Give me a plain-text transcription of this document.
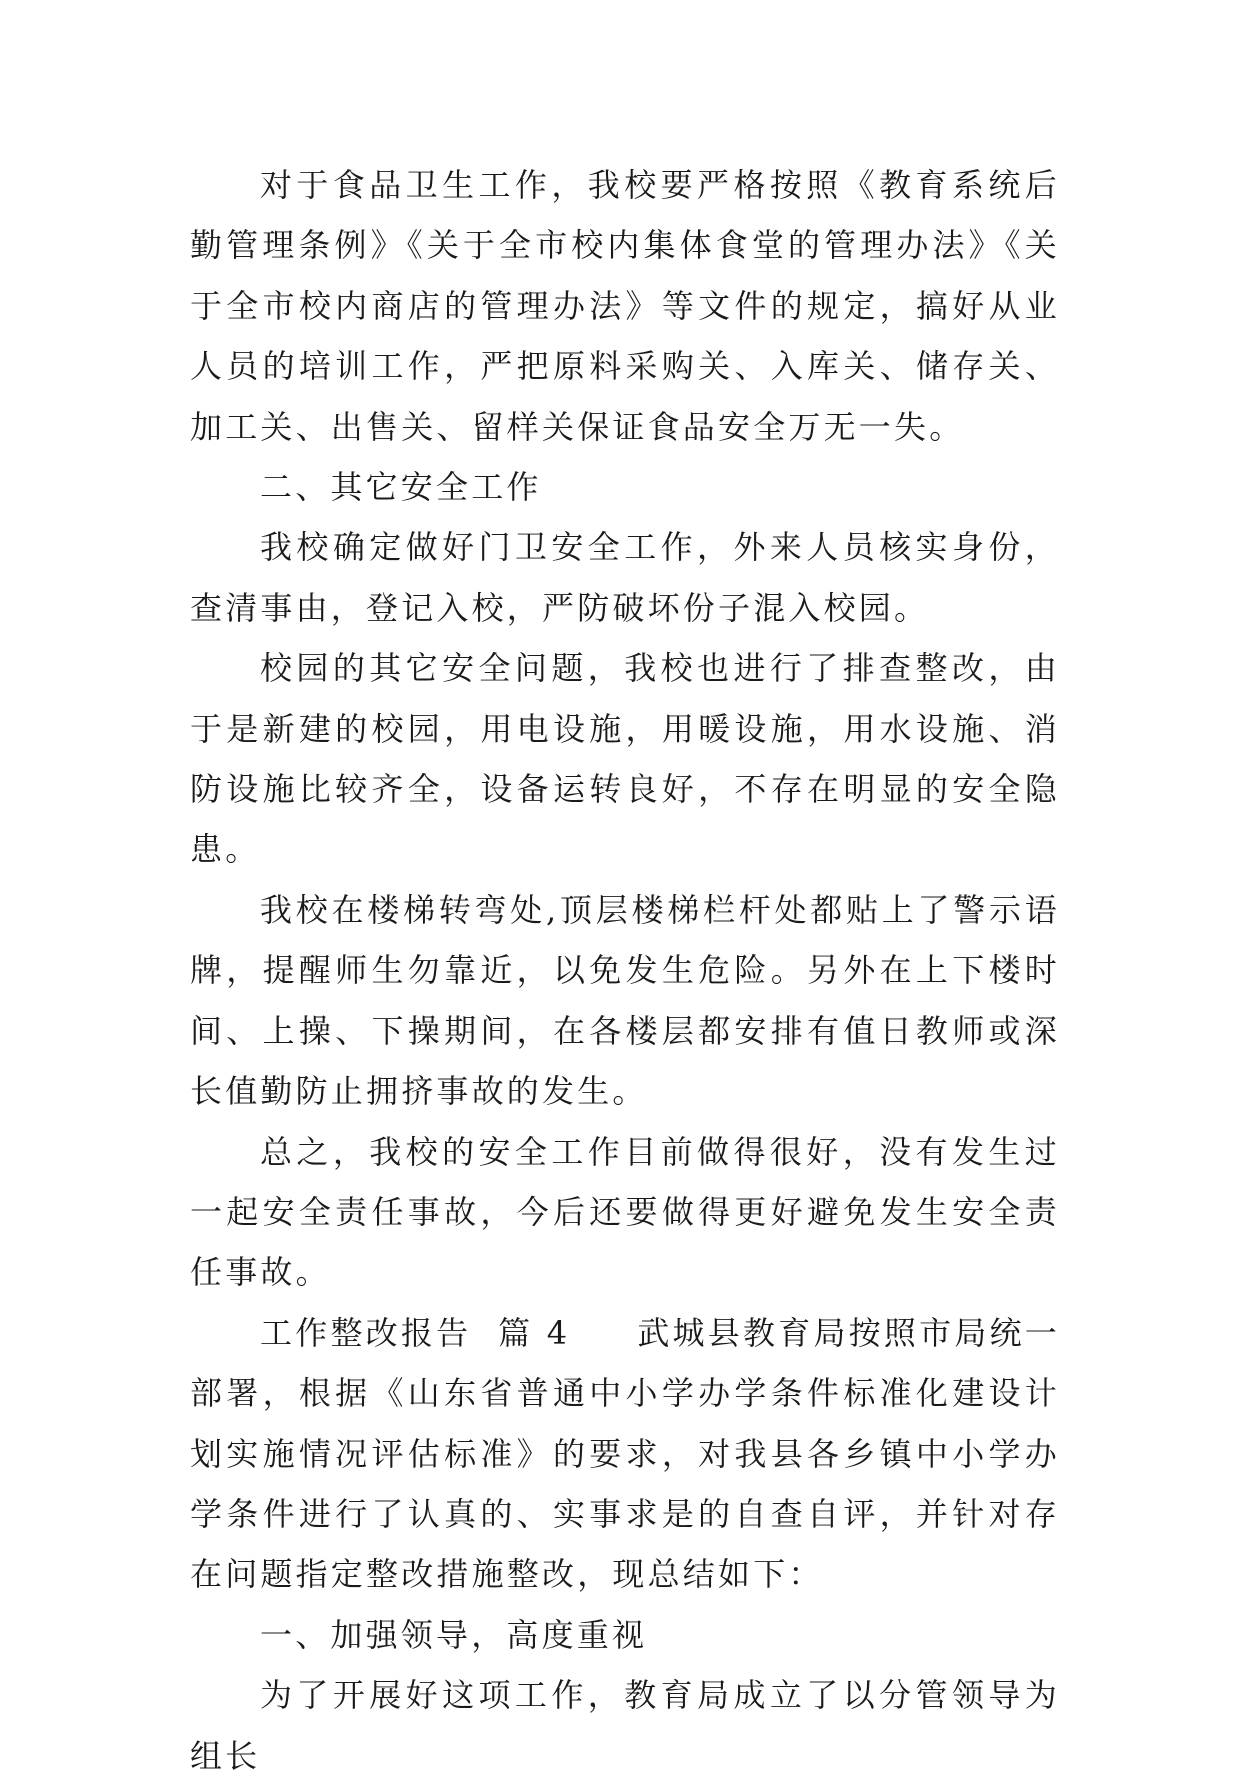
对于食品卫生工作，我校要严格按照《教育系统后勤管理条例》《关于全市校内集体食堂的管理办法》《关于全市校内商店的管理办法》等文件的规定，搞好从业人员的培训工作，严把原料采购关、入库关、储存关、加工关、出售关、留样关保证食品安全万无一失。

二、其它安全工作

我校确定做好门卫安全工作，外来人员核实身份，查清事由，登记入校，严防破坏份子混入校园。

校园的其它安全问题，我校也进行了排查整改，由于是新建的校园，用电设施，用暖设施，用水设施、消防设施比较齐全，设备运转良好，不存在明显的安全隐患。

我校在楼梯转弯处,顶层楼梯栏杆处都贴上了警示语牌，提醒师生勿靠近，以免发生危险。另外在上下楼时间、上操、下操期间，在各楼层都安排有值日教师或深长值勤防止拥挤事故的发生。

总之，我校的安全工作目前做得很好，没有发生过一起安全责任事故，今后还要做得更好避免发生安全责任事故。

工作整改报告  篇 4     武城县教育局按照市局统一部署，根据《山东省普通中小学办学条件标准化建设计划实施情况评估标准》的要求，对我县各乡镇中小学办学条件进行了认真的、实事求是的自查自评，并针对存在问题指定整改措施整改，现总结如下：

一、加强领导，高度重视

为了开展好这项工作，教育局成立了以分管领导为组长
